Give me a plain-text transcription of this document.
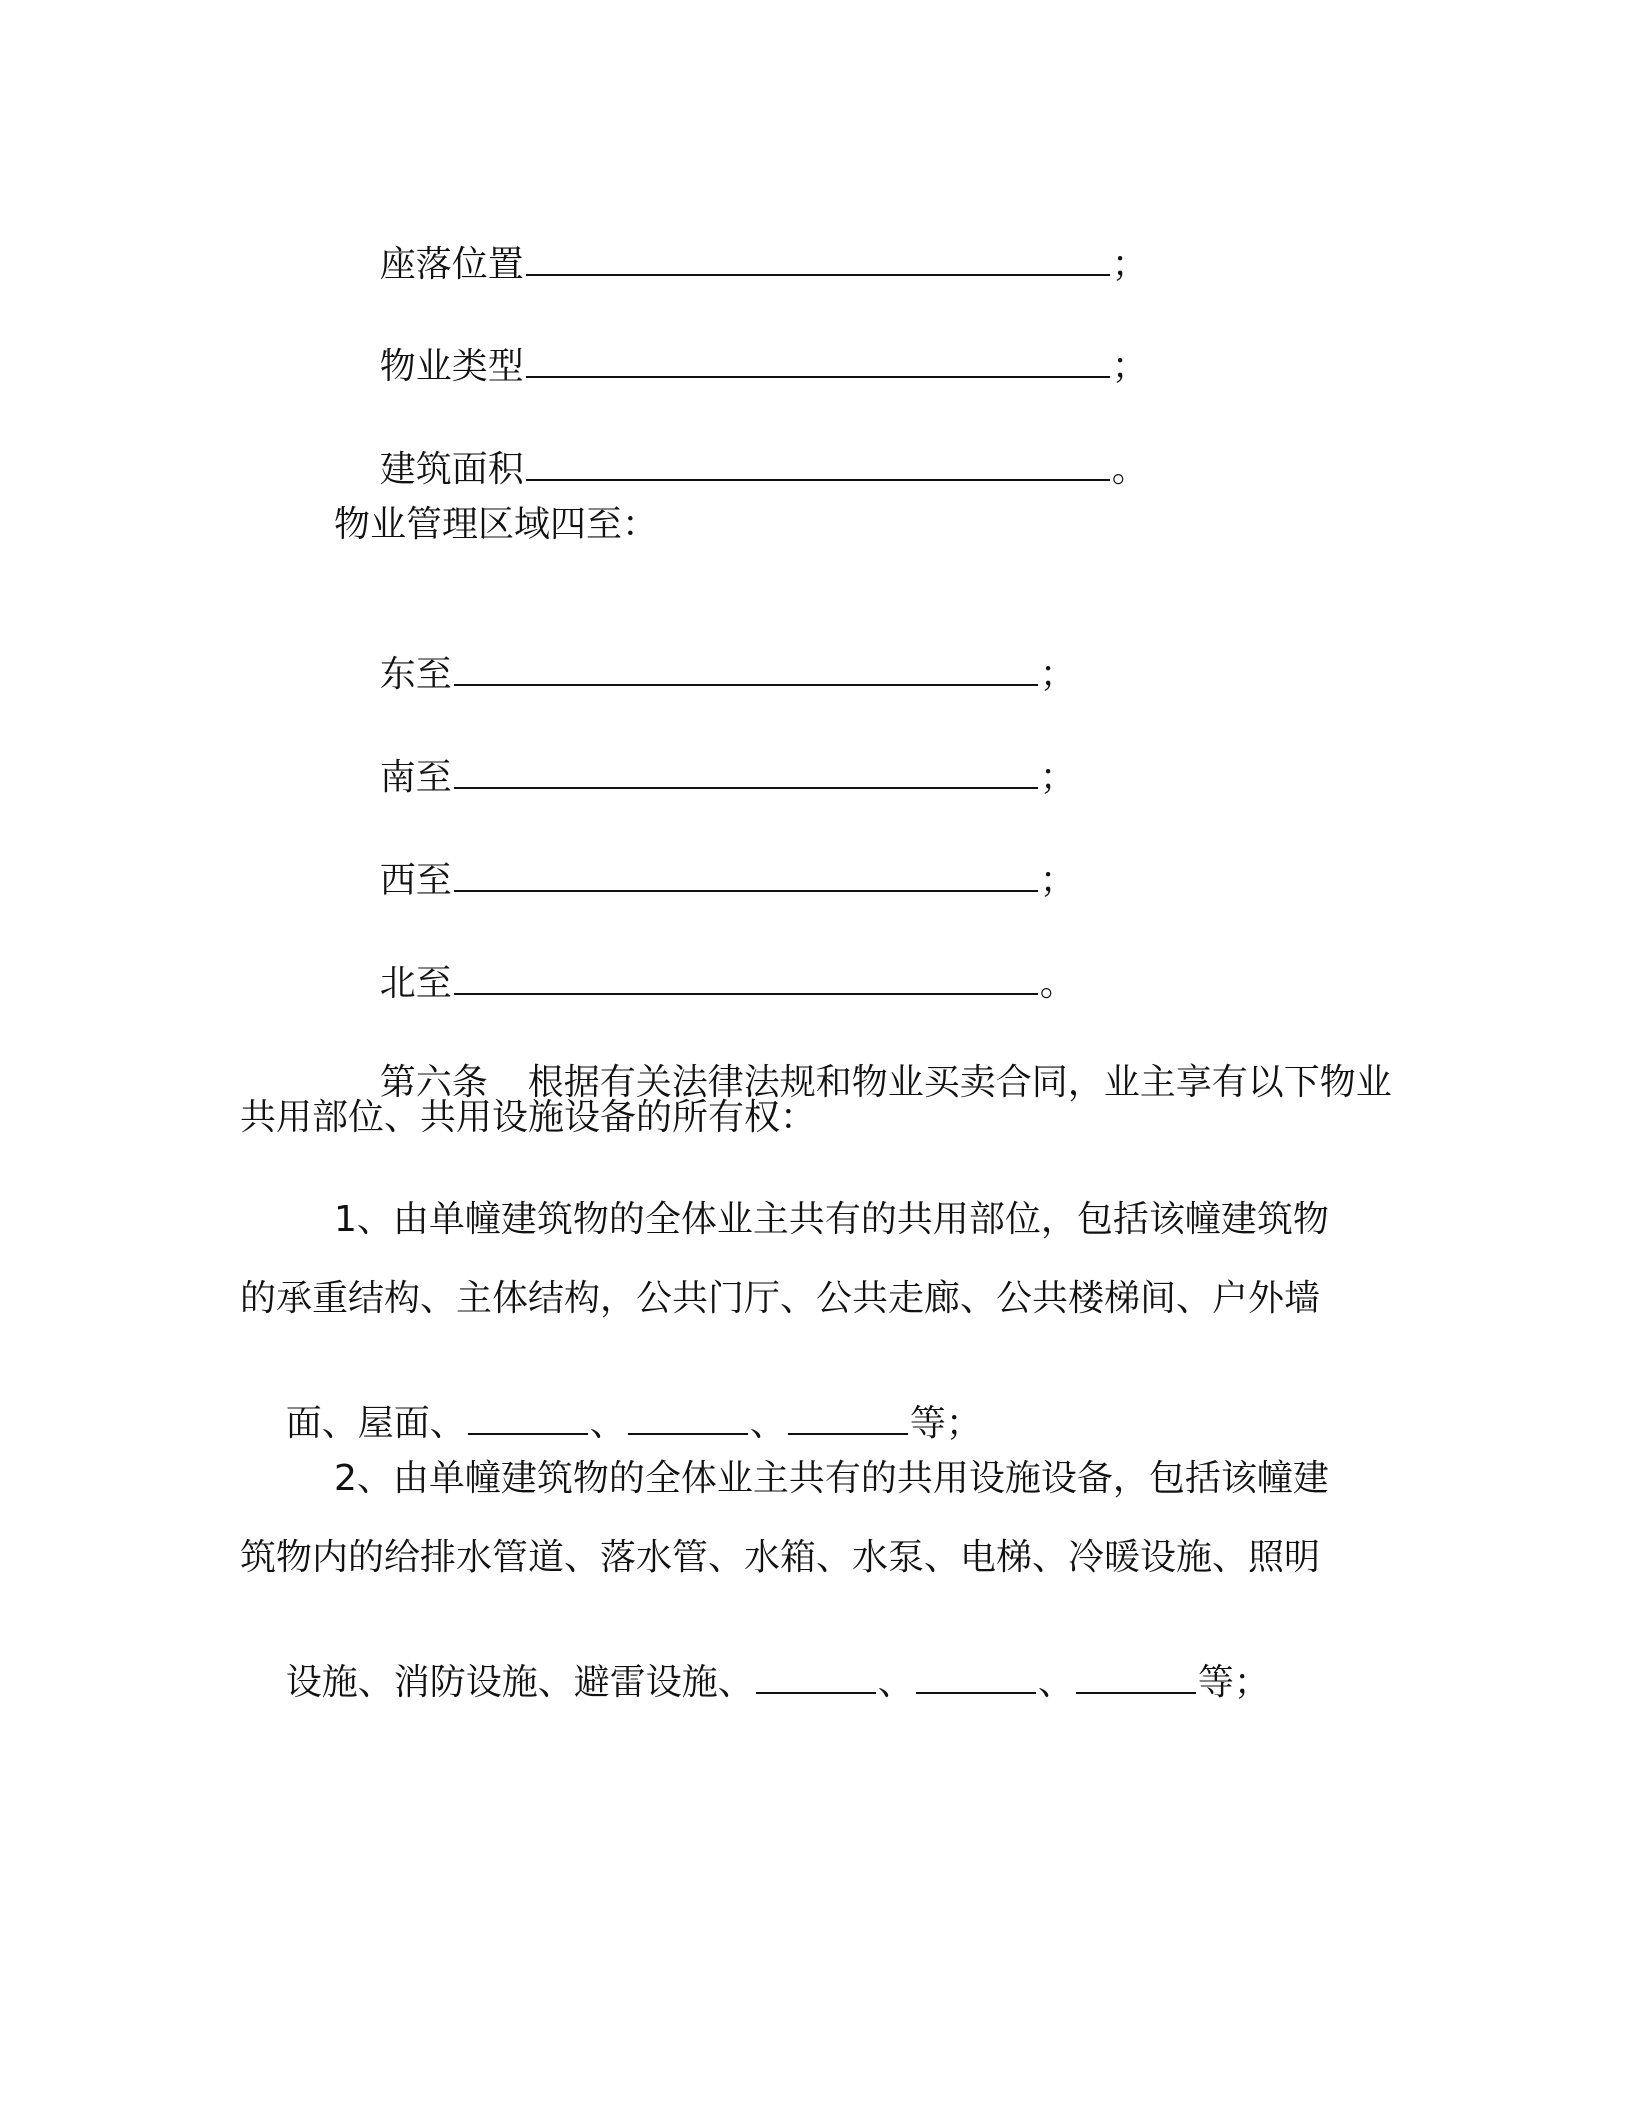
座落位置	；

物业类型	；

建筑面积	。

物业管理区域四至：

东至	；

南至	；

西至	；

北至	。

第六条 根据有关法律法规和物业买卖合同，业主享有以下物业

共用部位、共用设施设备的所有权：
1、由单幢建筑物的全体业主共有的共用部位，包括该幢建筑物
的承重结构、主体结构，公共门厅、公共走廊、公共楼梯间、户外墙

面、屋面、	、	、	等；

2、由单幢建筑物的全体业主共有的共用设施设备，包括该幢建
筑物内的给排水管道、落水管、水箱、水泵、电梯、冷暖设施、照明

设施、消防设施、避雷设施、	、	、	等；
